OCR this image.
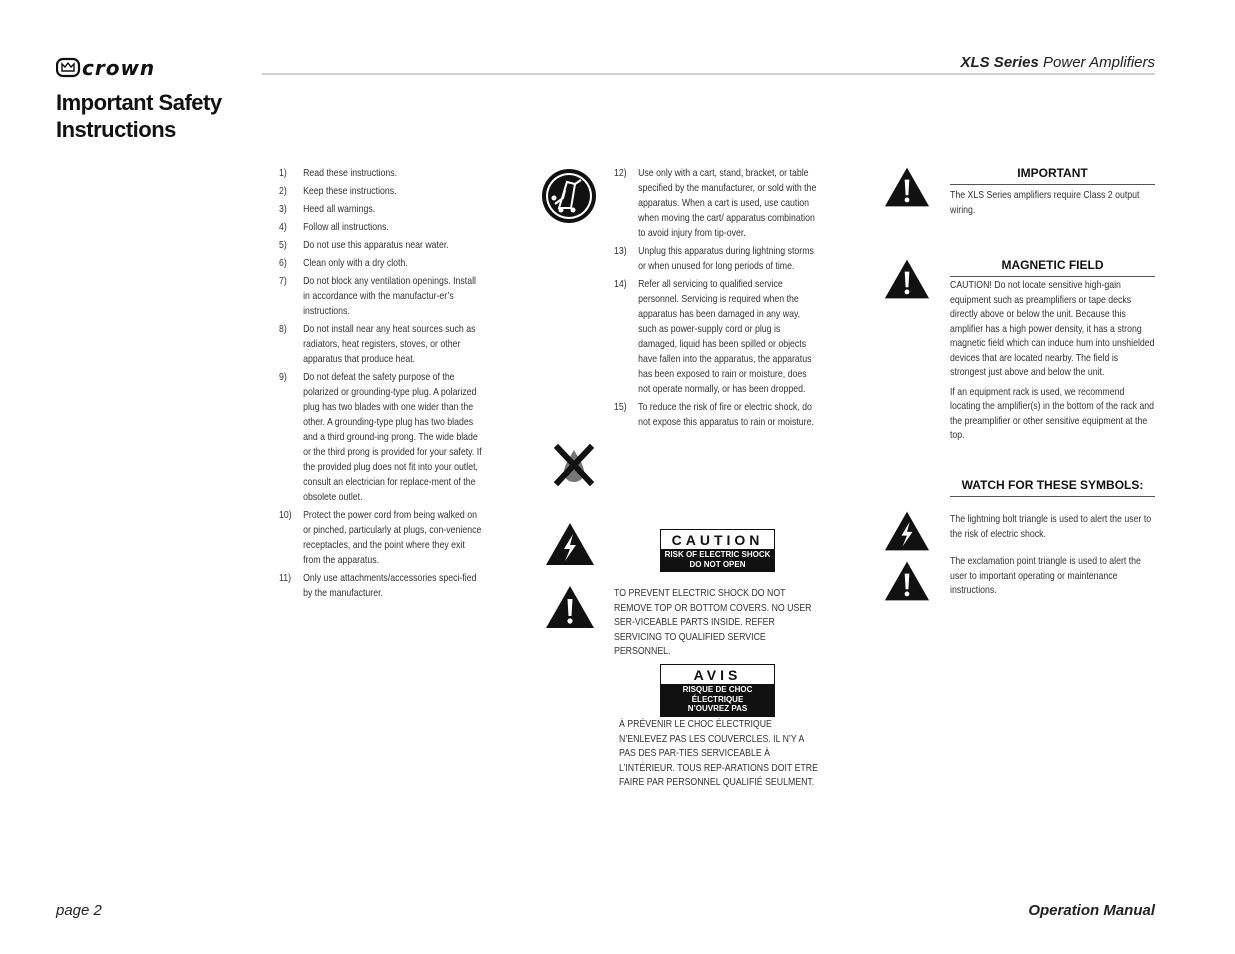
crown	XLS Series Power Amplifiers
Important Safety
Instructions
1)	Read these instructions.
2)	Keep these instructions.
3)	Heed all warnings.
4)	Follow all instructions.
5)	Do not use this apparatus near water.
6)	Clean only with a dry cloth.
7)	Do not block any ventilation openings. Install in accordance with the manufactur-er’s instructions.
8)	Do not install near any heat sources such as radiators, heat registers, stoves, or other apparatus that produce heat.
9)	Do not defeat the safety purpose of the polarized or grounding-type plug. A polarized plug has two blades with one wider than the other. A grounding-type plug has two blades and a third ground-ing prong. The wide blade or the third prong is provided for your safety. If the provided plug does not fit into your outlet, consult an electrician for replace-ment of the obsolete outlet.
10)	Protect the power cord from being walked on or pinched, particularly at plugs, con-venience receptacles, and the point where they exit from the apparatus.
11)	Only use attachments/accessories speci-fied by the manufacturer.
12)	Use only with a cart, stand, bracket, or table specified by the manufacturer, or sold with the apparatus. When a cart is used, use caution when moving the cart/ apparatus combination to avoid injury from tip-over.
13)	Unplug this apparatus during lightning storms or when unused for long periods of time.
14)	Refer all servicing to qualified service personnel. Servicing is required when the apparatus has been damaged in any way, such as power-supply cord or plug is damaged, liquid has been spilled or objects have fallen into the apparatus, the apparatus has been exposed to rain or moisture, does not operate normally, or has been dropped.
15)	To reduce the risk of fire or electric shock, do not expose this apparatus to rain or moisture.
CAUTION
RISK OF ELECTRIC SHOCK
DO NOT OPEN
TO PREVENT ELECTRIC SHOCK DO NOT REMOVE TOP OR BOTTOM COVERS. NO USER SER-VICEABLE PARTS INSIDE. REFER SERVICING TO QUALIFIED SERVICE PERSONNEL.
AVIS
RISQUE DE CHOC ÉLECTRIQUE
N’OUVREZ PAS
À PRÉVENIR LE CHOC ÉLECTRIQUE N’ENLEVEZ PAS LES COUVERCLES. IL N’Y A PAS DES PAR-TIES SERVICEABLE À L’INTÉRIEUR. TOUS REP-ARATIONS DOIT ETRE FAIRE PAR PERSONNEL QUALIFIÉ SEULMENT.
IMPORTANT
The XLS Series amplifiers require Class 2 output wiring.
MAGNETIC FIELD
CAUTION! Do not locate sensitive high-gain equipment such as preamplifiers or tape decks directly above or below the unit. Because this amplifier has a high power density, it has a strong magnetic field which can induce hum into unshielded devices that are located nearby. The field is strongest just above and below the unit.
If an equipment rack is used, we recommend locating the amplifier(s) in the bottom of the rack and the preamplifier or other sensitive equipment at the top.
WATCH FOR THESE SYMBOLS:
The lightning bolt triangle is used to alert the user to the risk of electric shock.
The exclamation point triangle is used to alert the user to important operating or maintenance instructions.
page 2	Operation Manual
